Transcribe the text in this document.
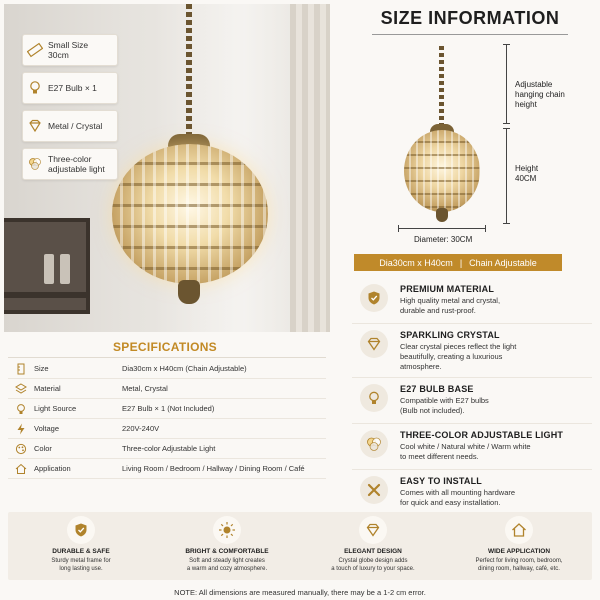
Small Size
30cm
E27 Bulb × 1
Metal / Crystal
Three-color
adjustable light
SPECIFICATIONS
Size	Dia30cm x H40cm (Chain Adjustable)
Material	Metal, Crystal
Light Source	E27 Bulb × 1 (Not Included)
Voltage	220V-240V
Color	Three-color Adjustable Light
Application	Living Room / Bedroom / Hallway / Dining Room / Café
SIZE INFORMATION
Adjustable
hanging chain
height
Height
40CM
Diameter: 30CM
Dia30cm x H40cm | Chain Adjustable
PREMIUM MATERIAL
High quality metal and crystal,
durable and rust-proof.
SPARKLING CRYSTAL
Clear crystal pieces reflect the light
beautifully, creating a luxurious
atmosphere.
E27 BULB BASE
Compatible with E27 bulbs
(Bulb not included).
THREE-COLOR ADJUSTABLE LIGHT
Cool white / Natural white / Warm white
to meet different needs.
EASY TO INSTALL
Comes with all mounting hardware
for quick and easy installation.
DURABLE & SAFE
Sturdy metal frame for
long lasting use.
BRIGHT & COMFORTABLE
Soft and steady light creates
a warm and cozy atmosphere.
ELEGANT DESIGN
Crystal globe design adds
a touch of luxury to your space.
WIDE APPLICATION
Perfect for living room, bedroom,
dining room, hallway, café, etc.
NOTE: All dimensions are measured manually, there may be a 1-2 cm error.
